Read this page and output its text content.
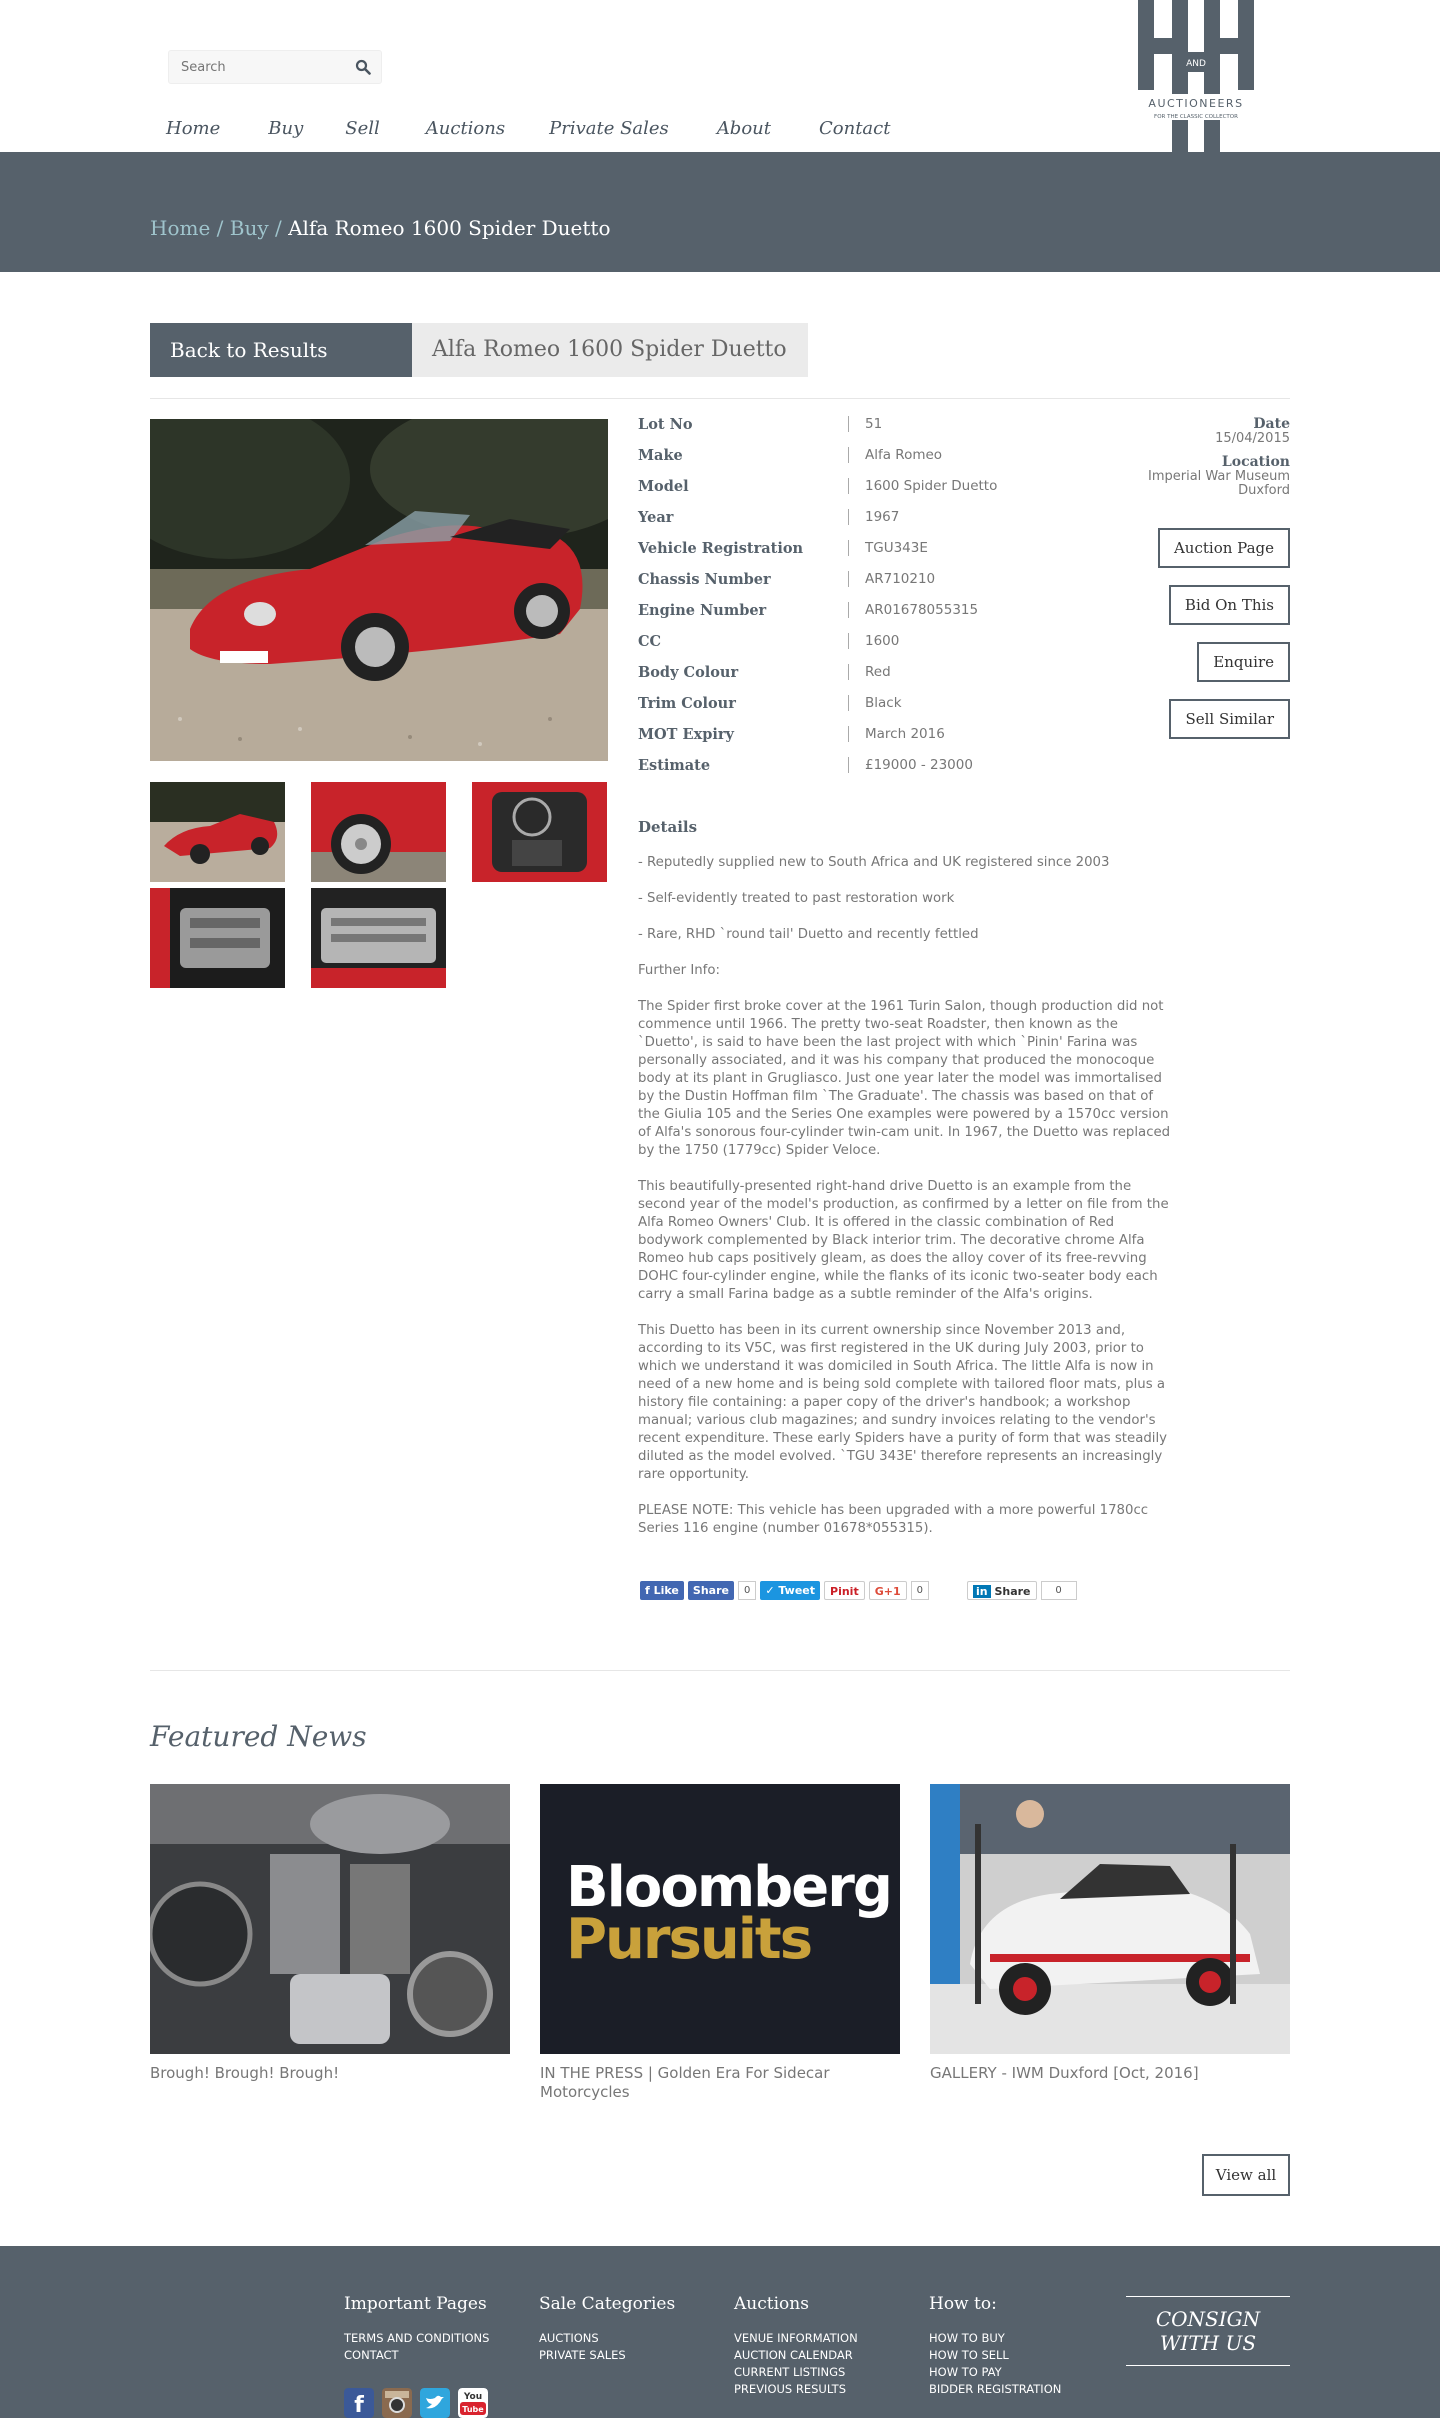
Search
Home	Buy Sell	Auctions Private Sales	About	Contact
AND
AUCTIONEERS
FOR THE CLASSIC COLLECTOR
Home / Buy / Alfa Romeo 1600 Spider Duetto
Back to Results	Alfa Romeo 1600 Spider Duetto
Lot No	51
Make	Alfa Romeo
Model	1600 Spider Duetto
Year	1967
Vehicle Registration	TGU343E
Chassis Number	AR710210
Engine Number	AR01678055315
CC	1600
Body Colour	Red
Trim Colour	Black
MOT Expiry	March 2016
Estimate	£19000 - 23000
Date
15/04/2015
Location
Imperial War Museum
Duxford
Auction Page
Bid On This
Enquire
Sell Similar
Details

- Reputedly supplied new to South Africa and UK registered since 2003

- Self-evidently treated to past restoration work

- Rare, RHD `round tail' Duetto and recently fettled

Further Info:

The Spider first broke cover at the 1961 Turin Salon, though production did not commence until 1966. The pretty two-seat Roadster, then known as the `Duetto', is said to have been the last project with which `Pinin' Farina was personally associated, and it was his company that produced the monocoque body at its plant in Grugliasco. Just one year later the model was immortalised by the Dustin Hoffman film `The Graduate'. The chassis was based on that of the Giulia 105 and the Series One examples were powered by a 1570cc version of Alfa's sonorous four-cylinder twin-cam unit. In 1967, the Duetto was replaced by the 1750 (1779cc) Spider Veloce.

This beautifully-presented right-hand drive Duetto is an example from the second year of the model's production, as confirmed by a letter on file from the Alfa Romeo Owners' Club. It is offered in the classic combination of Red bodywork complemented by Black interior trim. The decorative chrome Alfa Romeo hub caps positively gleam, as does the alloy cover of its free-revving DOHC four-cylinder engine, while the flanks of its iconic two-seater body each carry a small Farina badge as a subtle reminder of the Alfa's origins.

This Duetto has been in its current ownership since November 2013 and, according to its V5C, was first registered in the UK during July 2003, prior to which we understand it was domiciled in South Africa. The little Alfa is now in need of a new home and is being sold complete with tailored floor mats, plus a history file containing: a paper copy of the driver's handbook; a workshop manual; various club magazines; and sundry invoices relating to the vendor's recent expenditure. These early Spiders have a purity of form that was steadily diluted as the model evolved. `TGU 343E' therefore represents an increasingly rare opportunity.

PLEASE NOTE: This vehicle has been upgraded with a more powerful 1780cc Series 116 engine (number 01678*055315).

f Like	Share	0	✓ Tweet	Pinit	G+1	0	in Share	0
Featured News
Brough! Brough! Brough!
Bloomberg
Pursuits
IN THE PRESS | Golden Era For Sidecar Motorcycles
GALLERY - IWM Duxford [Oct, 2016]
View all
Important Pages
TERMS AND CONDITIONS
CONTACT
Sale Categories
AUCTIONS
PRIVATE SALES
Auctions
VENUE INFORMATION
AUCTION CALENDAR
CURRENT LISTINGS
PREVIOUS RESULTS
How to:
HOW TO BUY
HOW TO SELL
HOW TO PAY
BIDDER REGISTRATION
CONSIGN
WITH US
f	You
Tube
